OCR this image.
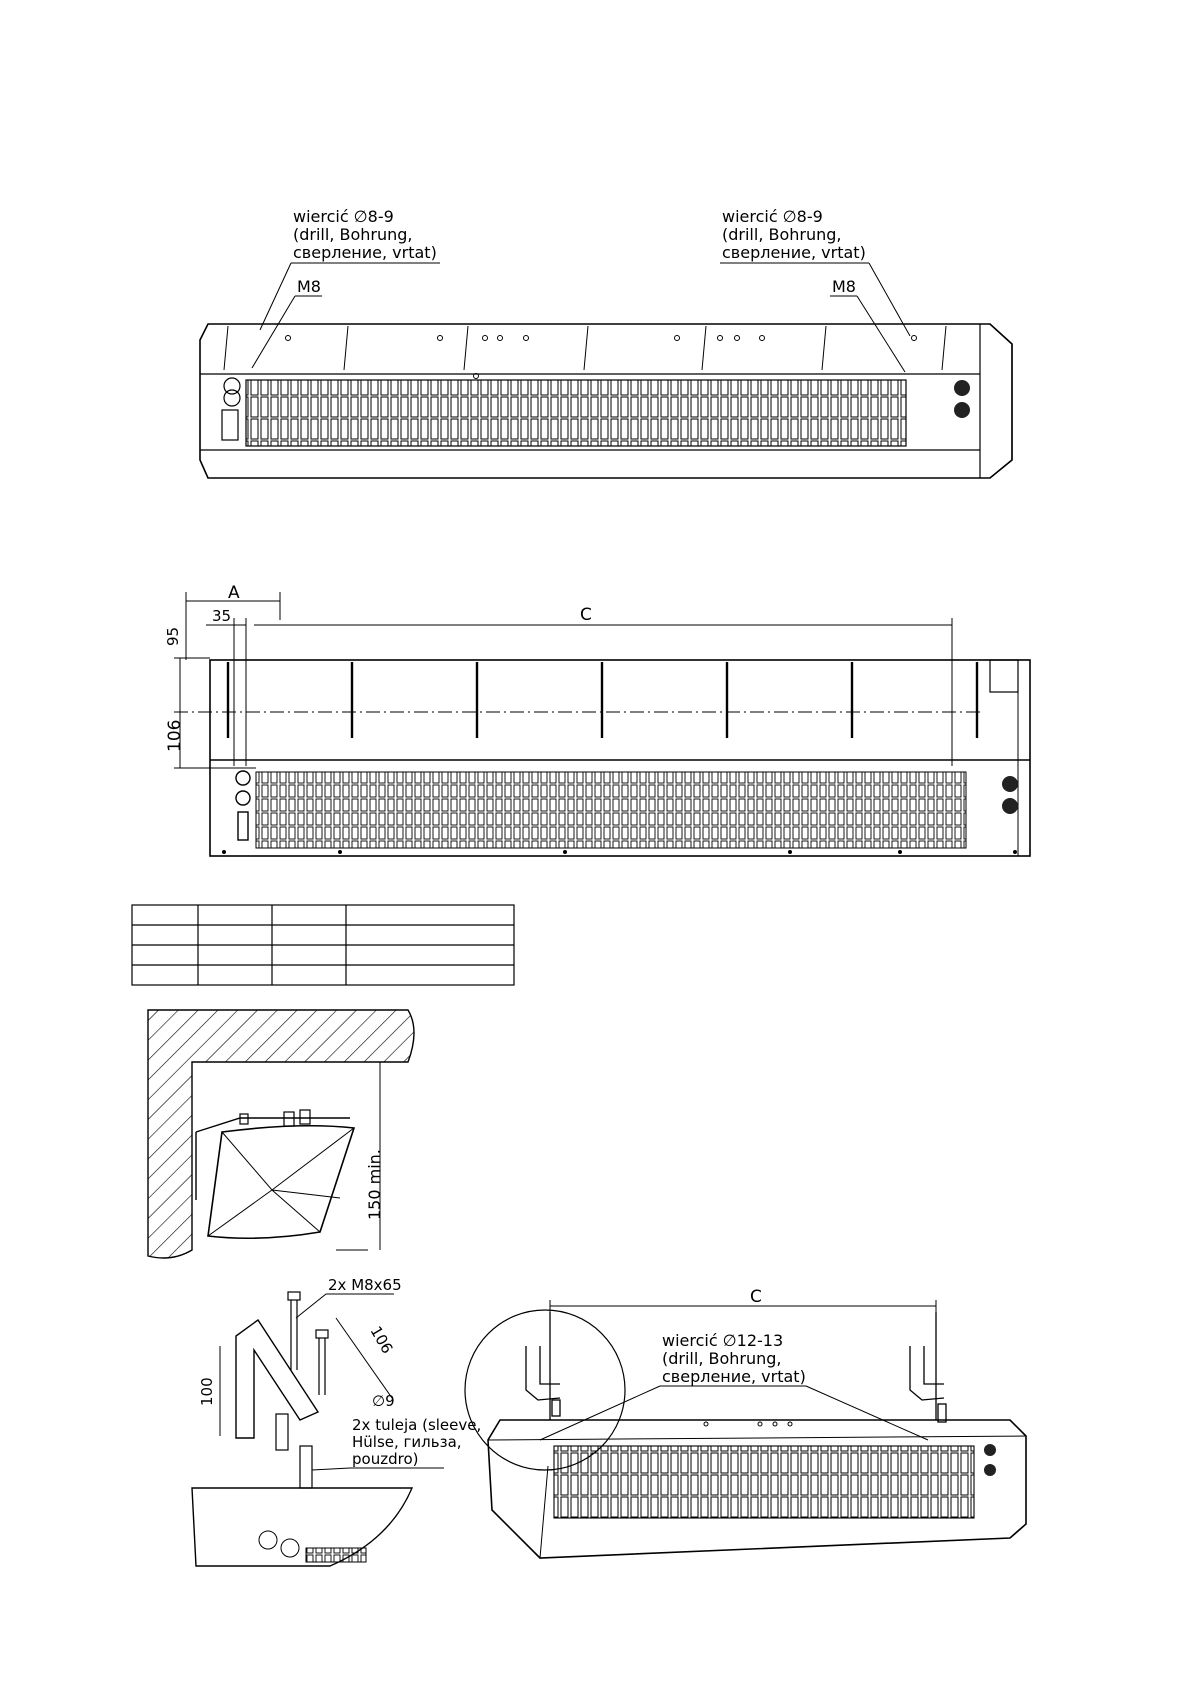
wiercić ∅8-9
(drill, Bohrung,
сверление, vrtat)
M8
wiercić ∅8-9
(drill, Bohrung,
сверление, vrtat)
M8
A
35	C
95
106
150 min.
2x M8x65
100
106
∅9
2x tuleja (sleeve,
Hülse, гильза,
pouzdro)
C
wiercić ∅12-13
(drill, Bohrung,
сверление, vrtat)
